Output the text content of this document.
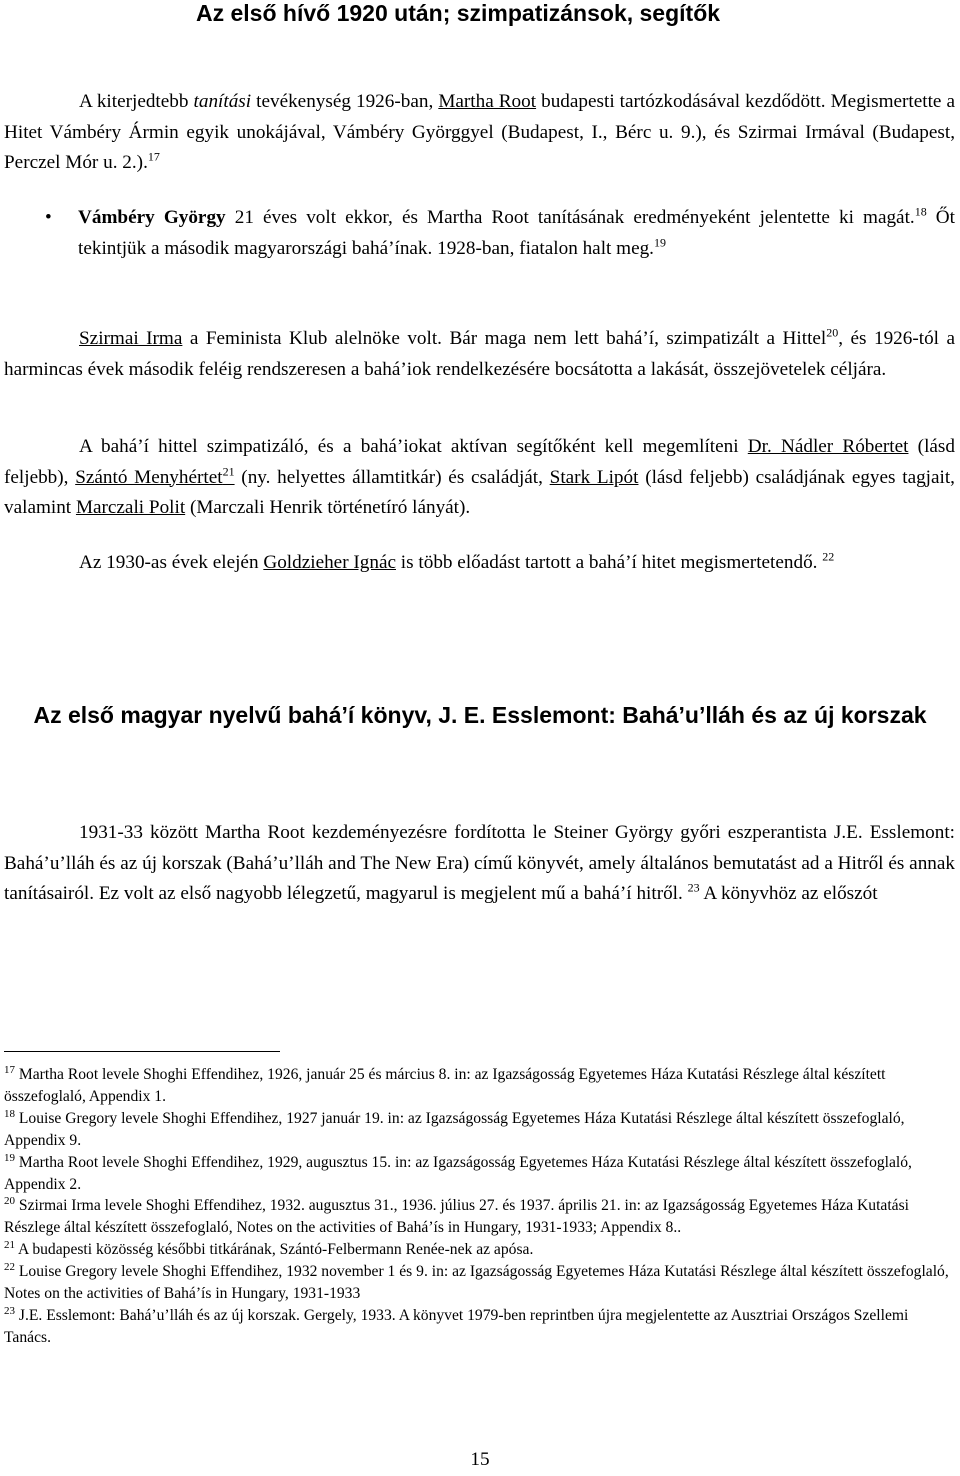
Az első hívő 1920 után; szimpatizánsok, segítők

A kiterjedtebb tanítási tevékenység 1926-ban, Martha Root budapesti tartózkodásával kezdődött. Megismertette a Hitet Vámbéry Ármin egyik unokájával, Vámbéry Györggyel (Budapest, I., Bérc u. 9.), és Szirmai Irmával (Budapest, Perczel Mór u. 2.).$^{17}$

• Vámbéry György 21 éves volt ekkor, és Martha Root tanításának eredményeként jelentette ki magát.$^{18}$ Őt tekintjük a második magyarországi bahá’ínak. 1928-ban, fiatalon halt meg.$^{19}$

Szirmai Irma a Feminista Klub alelnöke volt. Bár maga nem lett bahá’í, szimpatizált a Hittel$^{20}$, és 1926-tól a harmincas évek második feléig rendszeresen a bahá’iok rendelkezésére bocsátotta a lakását, összejövetelek céljára.

A bahá’í hittel szimpatizáló, és a bahá’iokat aktívan segítőként kell megemlíteni Dr. Nádler Róbertet (lásd feljebb), Szántó Menyhértet$^{21}$ (ny. helyettes államtitkár) és családját, Stark Lipót (lásd feljebb) családjának egyes tagjait, valamint Marczali Polit (Marczali Henrik történetíró lányát).

Az 1930-as évek elején Goldzieher Ignác is több előadást tartott a bahá’í hitet megismertetendő. $^{22}$

Az első magyar nyelvű bahá’í könyv, J. E. Esslemont: Bahá’u’lláh és az új korszak

1931-33 között Martha Root kezdeményezésre fordította le Steiner György győri eszperantista J.E. Esslemont: Bahá’u’lláh és az új korszak (Bahá’u’lláh and The New Era) című könyvét, amely általános bemutatást ad a Hitről és annak tanításairól. Ez volt az első nagyobb lélegzetű, magyarul is megjelent mű a bahá’í hitről. $^{23}$ A könyvhöz az előszót

$^{17}$ Martha Root levele Shoghi Effendihez, 1926, január 25 és március 8. in: az Igazságosság Egyetemes Háza Kutatási Részlege által készített összefoglaló, Appendix 1.
$^{18}$ Louise Gregory levele Shoghi Effendihez, 1927 január 19. in: az Igazságosság Egyetemes Háza Kutatási Részlege által készített összefoglaló, Appendix 9.
$^{19}$ Martha Root levele Shoghi Effendihez, 1929, augusztus 15. in: az Igazságosság Egyetemes Háza Kutatási Részlege által készített összefoglaló, Appendix 2.
$^{20}$ Szirmai Irma levele Shoghi Effendihez, 1932. augusztus 31., 1936. július 27. és 1937. április 21. in: az Igazságosság Egyetemes Háza Kutatási Részlege által készített összefoglaló, Notes on the activities of Bahá’ís in Hungary, 1931-1933; Appendix 8..
$^{21}$ A budapesti közösség későbbi titkárának, Szántó-Felbermann Renée-nek az apósa.
$^{22}$ Louise Gregory levele Shoghi Effendihez, 1932 november 1 és 9. in: az Igazságosság Egyetemes Háza Kutatási Részlege által készített összefoglaló, Notes on the activities of Bahá’ís in Hungary, 1931-1933
$^{23}$ J.E. Esslemont: Bahá’u’lláh és az új korszak. Gergely, 1933. A könyvet 1979-ben reprintben újra megjelentette az Ausztriai Országos Szellemi Tanács.
15
